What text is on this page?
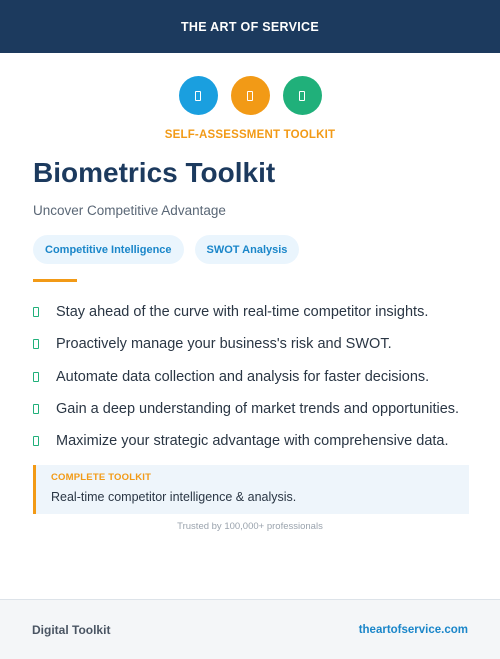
THE ART OF SERVICE
SELF-ASSESSMENT TOOLKIT
Biometrics Toolkit
Uncover Competitive Advantage
Competitive Intelligence	SWOT Analysis
Stay ahead of the curve with real-time competitor insights.
Proactively manage your business's risk and SWOT.
Automate data collection and analysis for faster decisions.
Gain a deep understanding of market trends and opportunities.
Maximize your strategic advantage with comprehensive data.
COMPLETE TOOLKIT
Real-time competitor intelligence & analysis.
Trusted by 100,000+ professionals
Digital Toolkit	theartofservice.com
